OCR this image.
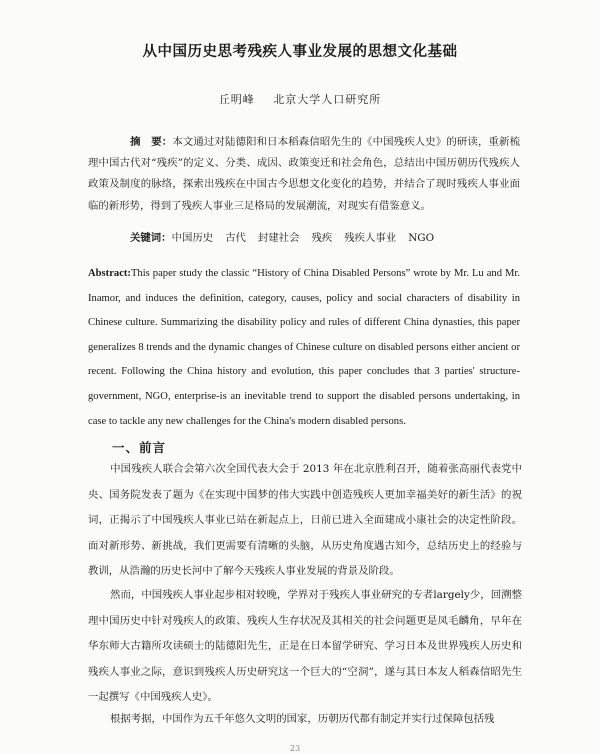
从中国历史思考残疾人事业发展的思想文化基础
丘明峰 北京大学人口研究所
摘　要：本文通过对陆德阳和日本稻森信昭先生的《中国残疾人史》的研读，重新梳理中国古代对“残疾”的定义、分类、成因、政策变迁和社会角色，总结出中国历朝历代残疾人政策及制度的脉络，探索出残疾在中国古今思想文化变化的趋势，并结合了现时残疾人事业面临的新形势，得到了残疾人事业三足格局的发展潮流，对现实有借鉴意义。
关键词：中国历史 古代 封建社会 残疾 残疾人事业 NGO
Abstract:This paper study the classic “History of China Disabled Persons” wrote by Mr. Lu and Mr. Inamor, and induces the definition, category, causes, policy and social characters of disability in Chinese culture. Summarizing the disability policy and rules of different China dynasties, this paper generalizes 8 trends and the dynamic changes of Chinese culture on disabled persons either ancient or recent. Following the China history and evolution, this paper concludes that 3 parties' structure-government, NGO, enterprise-is an inevitable trend to support the disabled persons undertaking, in case to tackle any new challenges for the China's modern disabled persons.
一、前言
中国残疾人联合会第六次全国代表大会于 2013 年在北京胜利召开，随着张高丽代表党中央、国务院发表了题为《在实现中国梦的伟大实践中创造残疾人更加幸福美好的新生活》的祝词，正揭示了中国残疾人事业已站在新起点上，日前已进入全面建成小康社会的决定性阶段。面对新形势、新挑战，我们更需要有清晰的头脑，从历史角度遇古知今，总结历史上的经验与教训，从浩瀚的历史长河中了解今天残疾人事业发展的背景及阶段。
然而，中国残疾人事业起步相对较晚，学界对于残疾人事业研究的专者largely少，回溯整理中国历史中针对残疾人的政策、残疾人生存状况及其相关的社会问题更是凤毛麟角，早年在华东师大古籍所攻读硕士的陆德阳先生，正是在日本留学研究、学习日本及世界残疾人历史和残疾人事业之际，意识到残疾人历史研究这一个巨大的“空洞”，遂与其日本友人稻森信昭先生一起撰写《中国残疾人史》。
根据考据，中国作为五千年悠久文明的国家，历朝历代都有制定并实行过保障包括残
23
